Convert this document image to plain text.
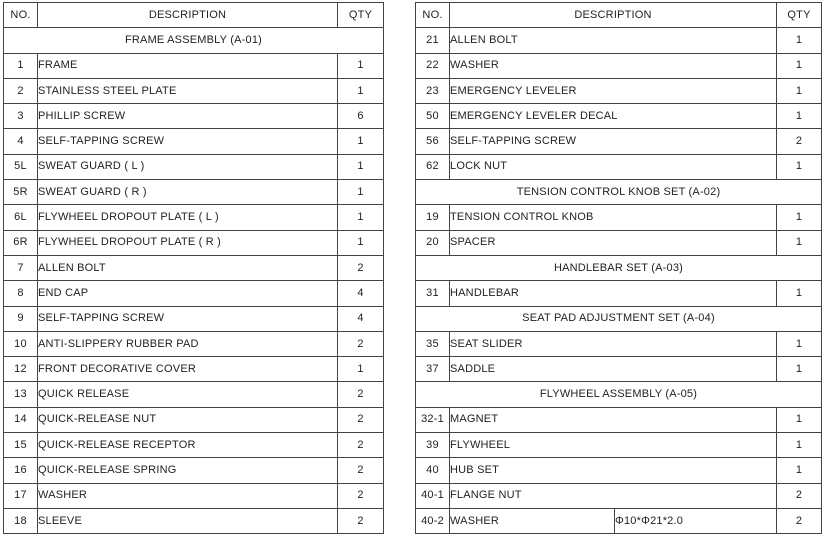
NO.	DESCRIPTION	QTY
FRAME ASSEMBLY (A-01)		
1	FRAME	1
2	STAINLESS STEEL PLATE	1
3	PHILLIP SCREW	6
4	SELF-TAPPING SCREW	1
5L	SWEAT GUARD ( L )	1
5R	SWEAT GUARD ( R )	1
6L	FLYWHEEL DROPOUT PLATE ( L )	1
6R	FLYWHEEL DROPOUT PLATE ( R )	1
7	ALLEN BOLT	2
8	END CAP	4
9	SELF-TAPPING SCREW	4
10	ANTI-SLIPPERY RUBBER PAD	2
12	FRONT DECORATIVE COVER	1
13	QUICK RELEASE	2
14	QUICK-RELEASE NUT	2
15	QUICK-RELEASE RECEPTOR	2
16	QUICK-RELEASE SPRING	2
17	WASHER	2
18	SLEEVE	2
NO.	DESCRIPTION		QTY
21	ALLEN BOLT		1
22	WASHER		1
23	EMERGENCY LEVELER		1
50	EMERGENCY LEVELER DECAL		1
56	SELF-TAPPING SCREW		2
62	LOCK NUT		1
TENSION CONTROL KNOB SET (A-02)			
19	TENSION CONTROL KNOB		1
20	SPACER		1
HANDLEBAR SET (A-03)			
31	HANDLEBAR		1
SEAT PAD ADJUSTMENT SET (A-04)			
35	SEAT SLIDER		1
37	SADDLE		1
FLYWHEEL ASSEMBLY (A-05)			
32-1	MAGNET		1
39	FLYWHEEL		1
40	HUB SET		1
40-1	FLANGE NUT		2
40-2	WASHER	Φ10*Φ21*2.0	2
